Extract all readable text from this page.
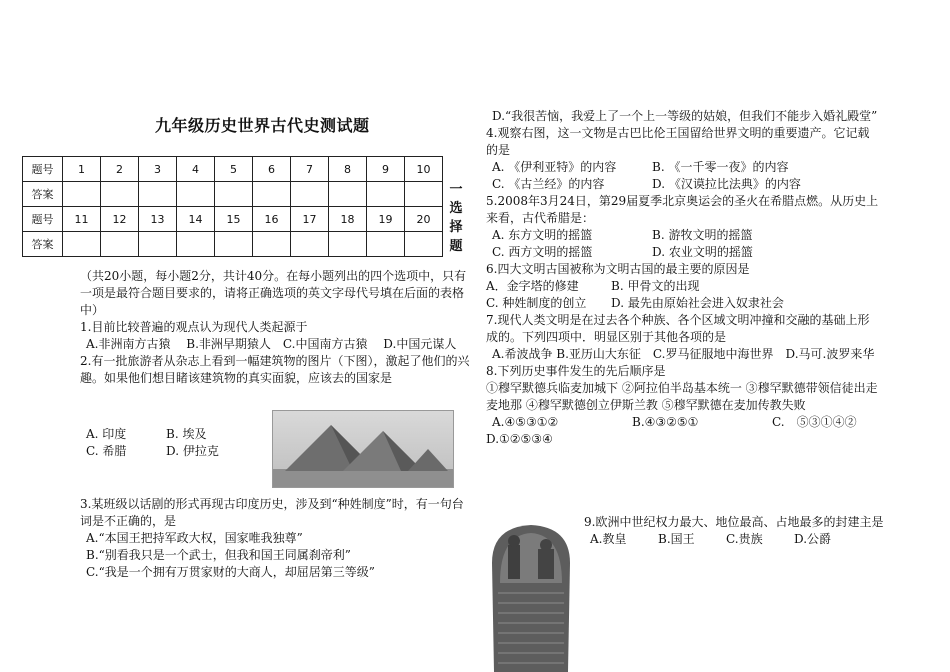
九年级历史世界古代史测试题
题号	1	2	3	4	5	6	7	8	9	10
答案										
题号	11	12	13	14	15	16	17	18	19	20
答案										
一
选
择
题

（共20小题，每小题2分，共计40分。在每小题列出的四个选项中，只有一项是最符合题目要求的，请将正确选项的英文字母代号填在后面的表格中）

1.目前比较普遍的观点认为现代人类起源于

A.非洲南方古猿　 B.非洲早期猿人　C.中国南方古猿　 D.中国元谋人

2.有一批旅游者从杂志上看到一幅建筑物的图片（下图），激起了他们的兴趣。如果他们想目睹该建筑物的真实面貌，应该去的国家是

A. 印度	B. 埃及
C. 希腊	D. 伊拉克

3.某班级以话剧的形式再现古印度历史，涉及到“种姓制度”时，有一句台词是不正确的，是

A.“本国王把持军政大权，国家唯我独尊”

B.“别看我只是一个武士，但我和国王同属刹帝利”

C.“我是一个拥有万贯家财的大商人，却屈居第三等级”

D.“我很苦恼，我爱上了一个上一等级的姑娘，但我们不能步入婚礼殿堂”

4.观察右图，这一文物是古巴比伦王国留给世界文明的重要遗产。它记载的是

A. 《伊利亚特》的内容	B. 《一千零一夜》的内容
C. 《古兰经》的内容	D. 《汉谟拉比法典》的内容

5.2008年3月24日，第29届夏季北京奥运会的圣火在希腊点燃。从历史上来看，古代希腊是：

A. 东方文明的摇篮	B. 游牧文明的摇篮
C. 西方文明的摇篮	D. 农业文明的摇篮

6.四大文明古国被称为文明古国的最主要的原因是

A．金字塔的修建	B. 甲骨文的出现
C. 种姓制度的创立	D. 最先由原始社会进入奴隶社会

7.现代人类文明是在过去各个种族、各个区域文明冲撞和交融的基础上形成的。下列四项中．明显区别于其他各项的是

A.希波战争 B.亚历山大东征　C.罗马征服地中海世界　D.马可.波罗来华

8.下列历史事件发生的先后顺序是

①穆罕默德兵临麦加城下 ②阿拉伯半岛基本统一 ③穆罕默德带领信徒出走麦地那 ④穆罕默德创立伊斯兰教 ⑤穆罕默德在麦加传教失败

A.④⑤③①②	B.④③②⑤①	C.　⑤③①④②

D.①②⑤③④

9.欧洲中世纪权力最大、地位最高、占地最多的封建主是

A.教皇	B.国王	C.贵族	D.公爵
